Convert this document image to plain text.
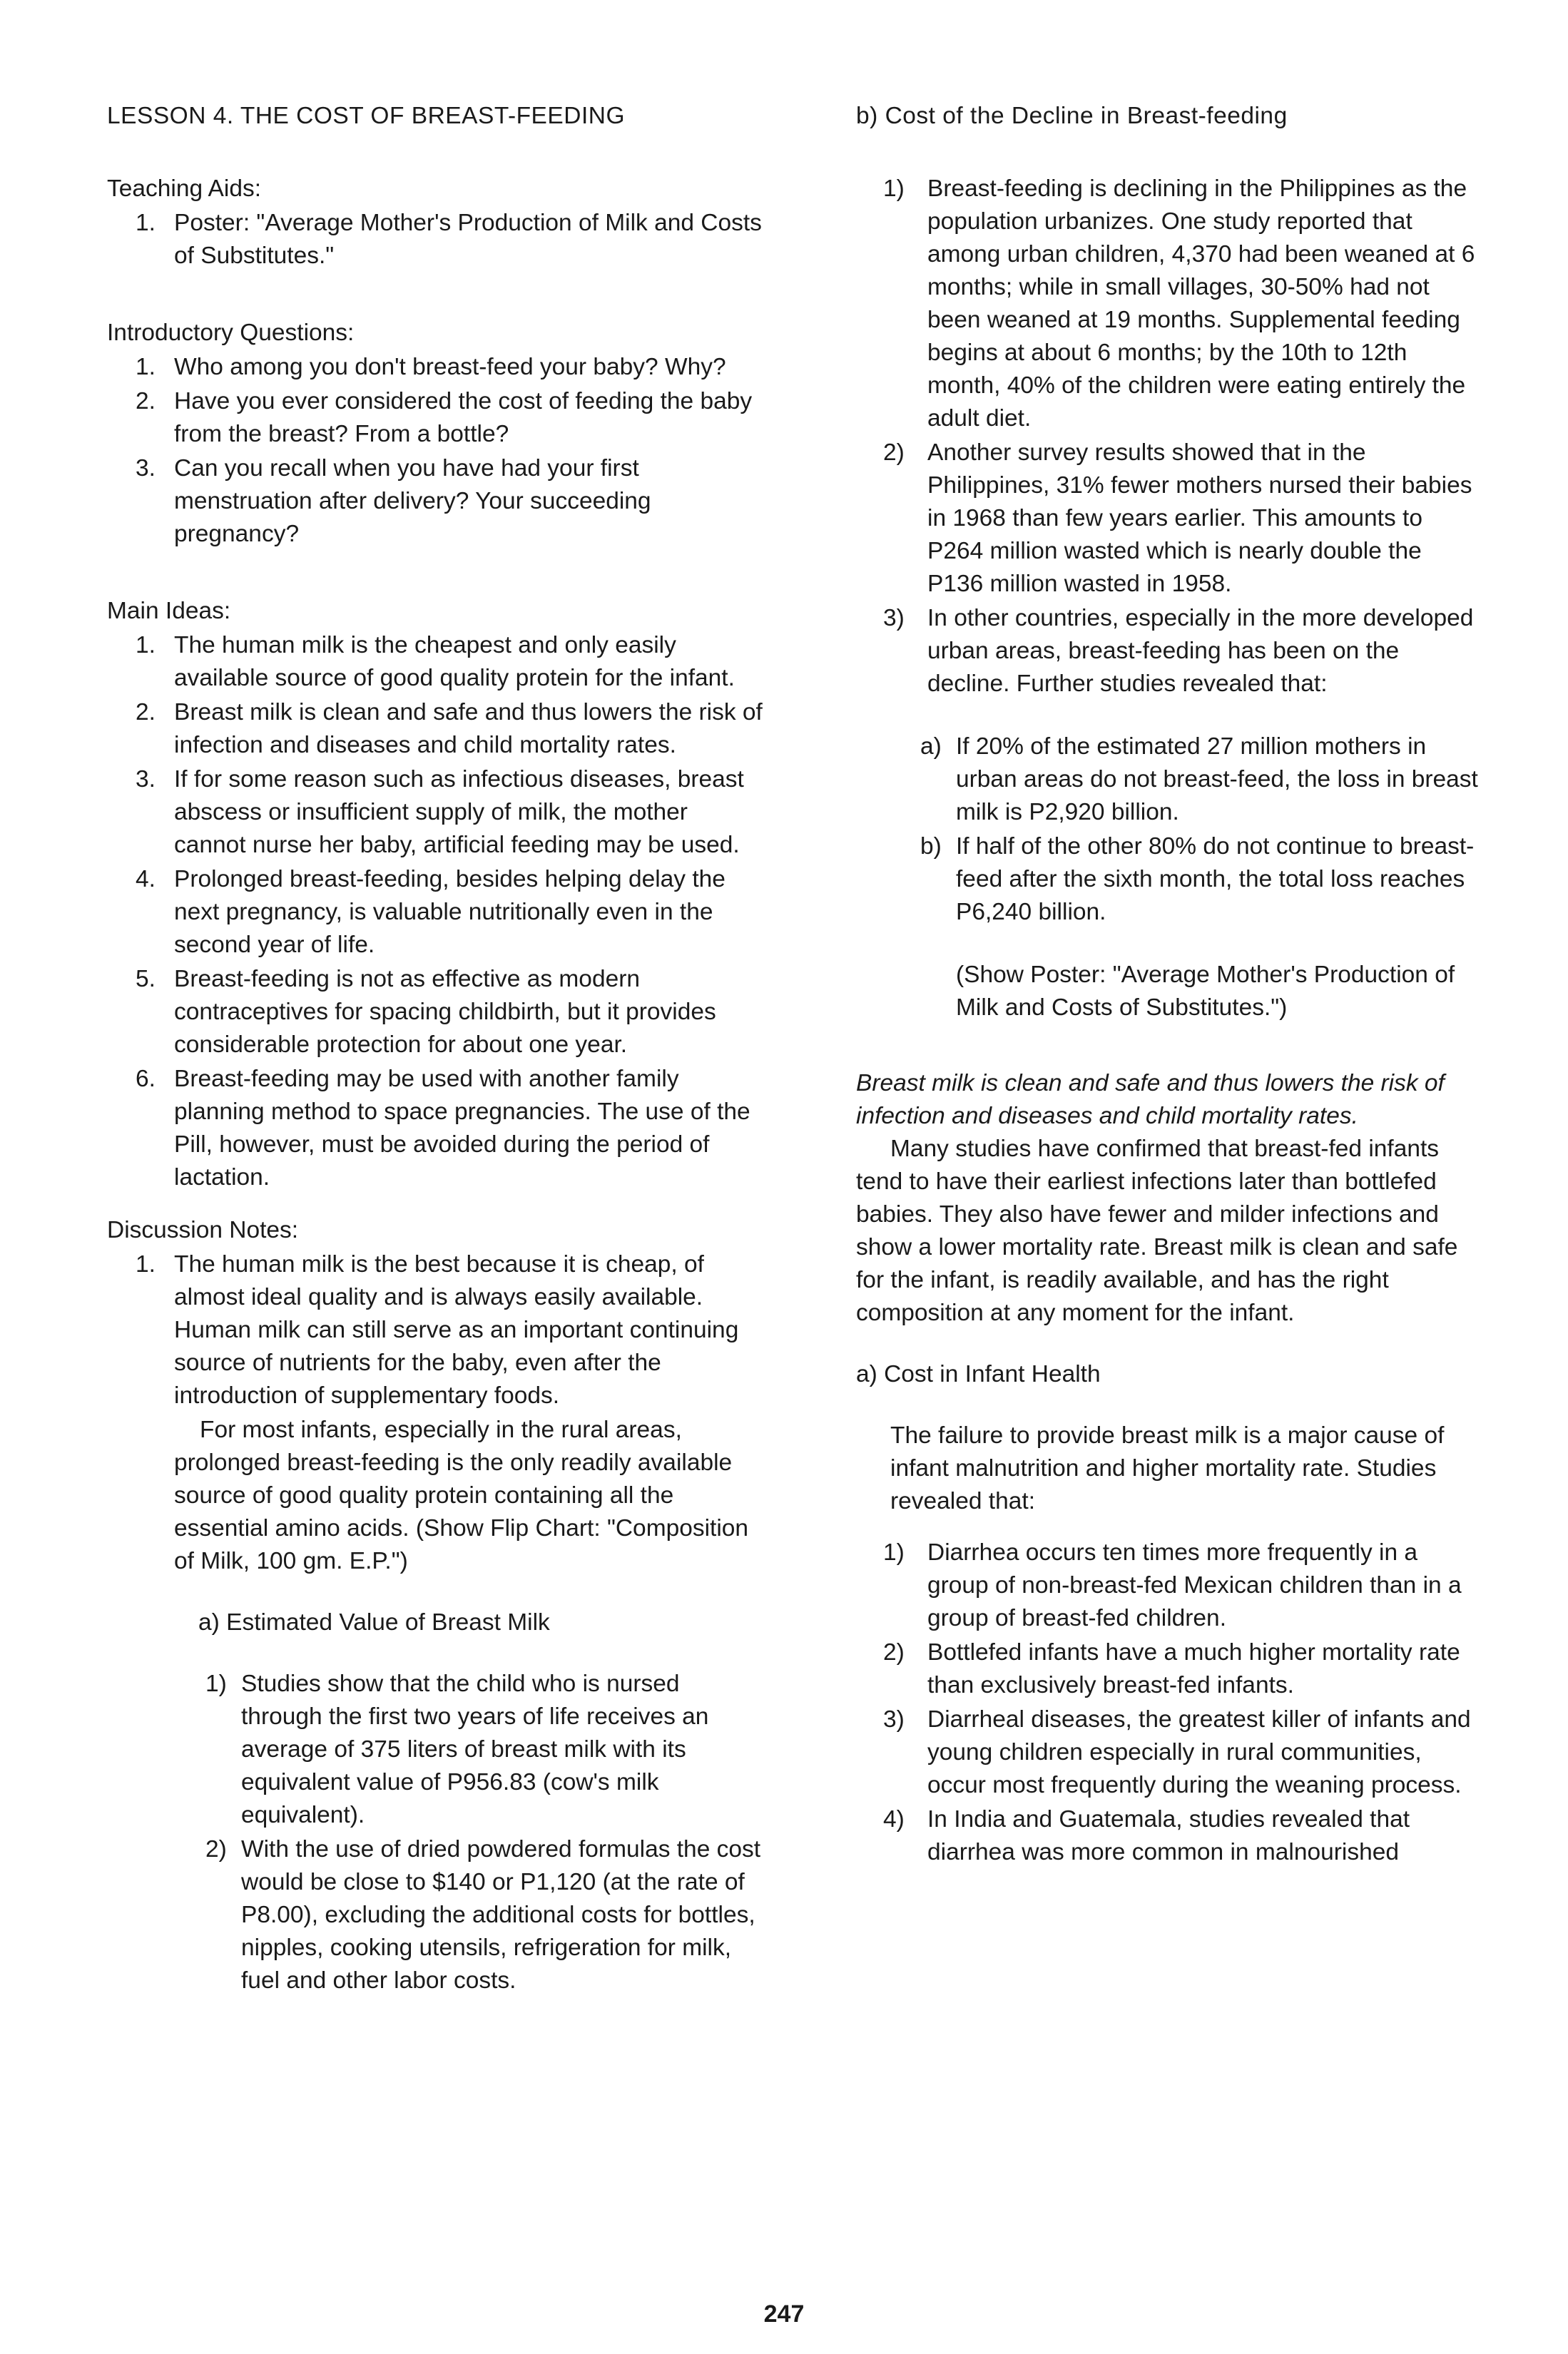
LESSON 4. THE COST OF BREAST-FEEDING
Teaching Aids:
1. Poster: "Average Mother's Production of Milk and Costs of Substitutes."
Introductory Questions:
1. Who among you don't breast-feed your baby? Why?
2. Have you ever considered the cost of feeding the baby from the breast? From a bottle?
3. Can you recall when you have had your first menstruation after delivery? Your succeeding pregnancy?
Main Ideas:
1. The human milk is the cheapest and only easily available source of good quality protein for the infant.
2. Breast milk is clean and safe and thus lowers the risk of infection and diseases and child mortality rates.
3. If for some reason such as infectious diseases, breast abscess or insufficient supply of milk, the mother cannot nurse her baby, artificial feeding may be used.
4. Prolonged breast-feeding, besides helping delay the next pregnancy, is valuable nutritionally even in the second year of life.
5. Breast-feeding is not as effective as modern contraceptives for spacing childbirth, but it provides considerable protection for about one year.
6. Breast-feeding may be used with another family planning method to space pregnancies. The use of the Pill, however, must be avoided during the period of lactation.
Discussion Notes:
1. The human milk is the best because it is cheap, of almost ideal quality and is always easily available. Human milk can still serve as an important continuing source of nutrients for the baby, even after the introduction of supplementary foods.
For most infants, especially in the rural areas, prolonged breast-feeding is the only readily available source of good quality protein containing all the essential amino acids. (Show Flip Chart: "Composition of Milk, 100 gm. E.P.")
a) Estimated Value of Breast Milk
1) Studies show that the child who is nursed through the first two years of life receives an average of 375 liters of breast milk with its equivalent value of P956.83 (cow's milk equivalent).
2) With the use of dried powdered formulas the cost would be close to $140 or P1,120 (at the rate of P8.00), excluding the additional costs for bottles, nipples, cooking utensils, refrigeration for milk, fuel and other labor costs.
b) Cost of the Decline in Breast-feeding
1) Breast-feeding is declining in the Philippines as the population urbanizes. One study reported that among urban children, 4,370 had been weaned at 6 months; while in small villages, 30-50% had not been weaned at 19 months. Supplemental feeding begins at about 6 months; by the 10th to 12th month, 40% of the children were eating entirely the adult diet.
2) Another survey results showed that in the Philippines, 31% fewer mothers nursed their babies in 1968 than few years earlier. This amounts to P264 million wasted which is nearly double the P136 million wasted in 1958.
3) In other countries, especially in the more developed urban areas, breast-feeding has been on the decline. Further studies revealed that:
a) If 20% of the estimated 27 million mothers in urban areas do not breast-feed, the loss in breast milk is P2,920 billion.
b) If half of the other 80% do not continue to breast-feed after the sixth month, the total loss reaches P6,240 billion.
(Show Poster: "Average Mother's Production of Milk and Costs of Substitutes.")
Breast milk is clean and safe and thus lowers the risk of infection and diseases and child mortality rates.
Many studies have confirmed that breast-fed infants tend to have their earliest infections later than bottlefed babies. They also have fewer and milder infections and show a lower mortality rate. Breast milk is clean and safe for the infant, is readily available, and has the right composition at any moment for the infant.
a) Cost in Infant Health
The failure to provide breast milk is a major cause of infant malnutrition and higher mortality rate. Studies revealed that:
1) Diarrhea occurs ten times more frequently in a group of non-breast-fed Mexican children than in a group of breast-fed children.
2) Bottlefed infants have a much higher mortality rate than exclusively breast-fed infants.
3) Diarrheal diseases, the greatest killer of infants and young children especially in rural communities, occur most frequently during the weaning process.
4) In India and Guatemala, studies revealed that diarrhea was more common in malnourished
247
